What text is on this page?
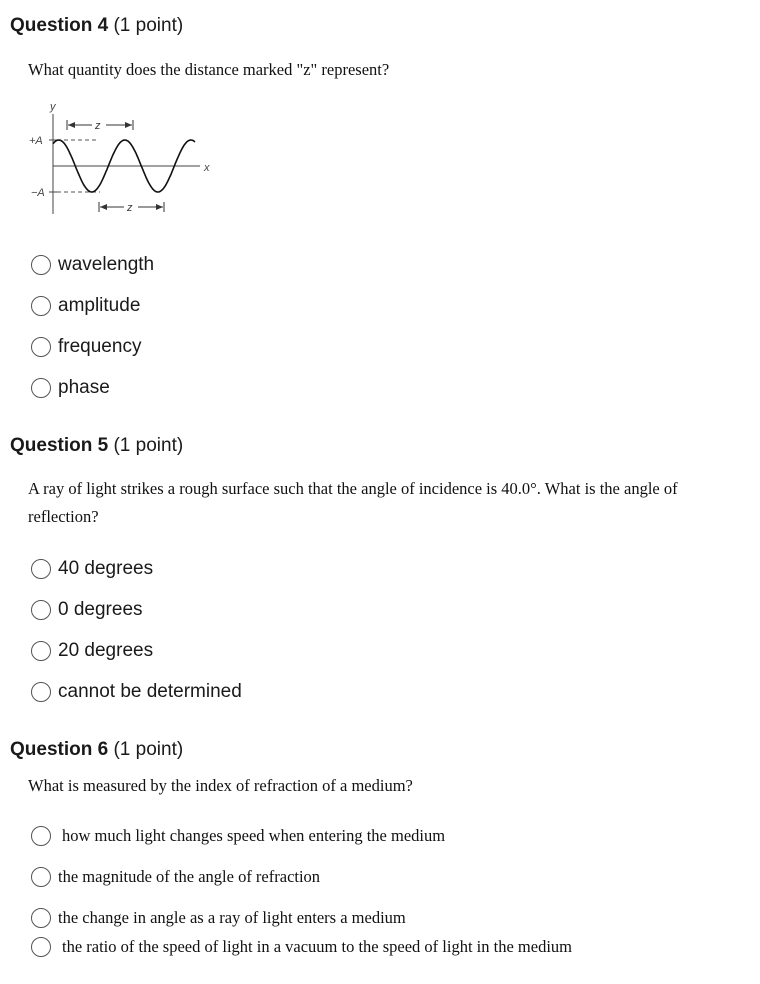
Question 4 (1 point)

What quantity does the distance marked "z" represent?

y
x
+A
−A
z
z
wavelength
amplitude
frequency
phase
Question 5 (1 point)

A ray of light strikes a rough surface such that the angle of incidence is 40.0°. What is the angle of reflection?

40 degrees
0 degrees
20 degrees
cannot be determined
Question 6 (1 point)

What is measured by the index of refraction of a medium?

how much light changes speed when entering the medium
the magnitude of the angle of refraction
the change in angle as a ray of light enters a medium
the ratio of the speed of light in a vacuum to the speed of light in the medium
